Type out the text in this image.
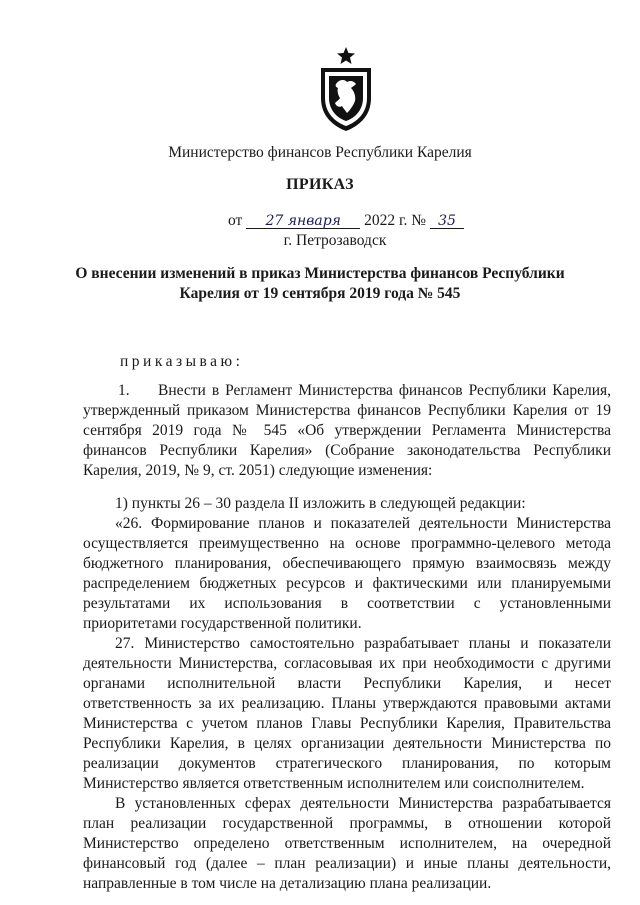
Министерство финансов Республики Карелия
ПРИКАЗ
от 27 января 2022 г. № 35
г. Петрозаводск
О внесении изменений в приказ Министерства финансов Республики
Карелия от 19 сентября 2019 года № 545
приказываю:

1. Внести в Регламент Министерства финансов Республики Карелия, утвержденный приказом Министерства финансов Республики Карелия от 19 сентября 2019 года № 545 «Об утверждении Регламента Министерства финансов Республики Карелия» (Собрание законодательства Республики Карелия, 2019, № 9, ст. 2051) следующие изменения:

1) пункты 26 – 30 раздела II изложить в следующей редакции:

«26. Формирование планов и показателей деятельности Министерства осуществляется преимущественно на основе программно-целевого метода бюджетного планирования, обеспечивающего прямую взаимосвязь между распределением бюджетных ресурсов и фактическими или планируемыми результатами их использования в соответствии с установленными приоритетами государственной политики.

27. Министерство самостоятельно разрабатывает планы и показатели деятельности Министерства, согласовывая их при необходимости с другими органами исполнительной власти Республики Карелия, и несет ответственность за их реализацию. Планы утверждаются правовыми актами Министерства с учетом планов Главы Республики Карелия, Правительства Республики Карелия, в целях организации деятельности Министерства по реализации документов стратегического планирования, по которым Министерство является ответственным исполнителем или соисполнителем.

В установленных сферах деятельности Министерства разрабатывается план реализации государственной программы, в отношении которой Министерство определено ответственным исполнителем, на очередной финансовый год (далее – план реализации) и иные планы деятельности, направленные в том числе на детализацию плана реализации.
